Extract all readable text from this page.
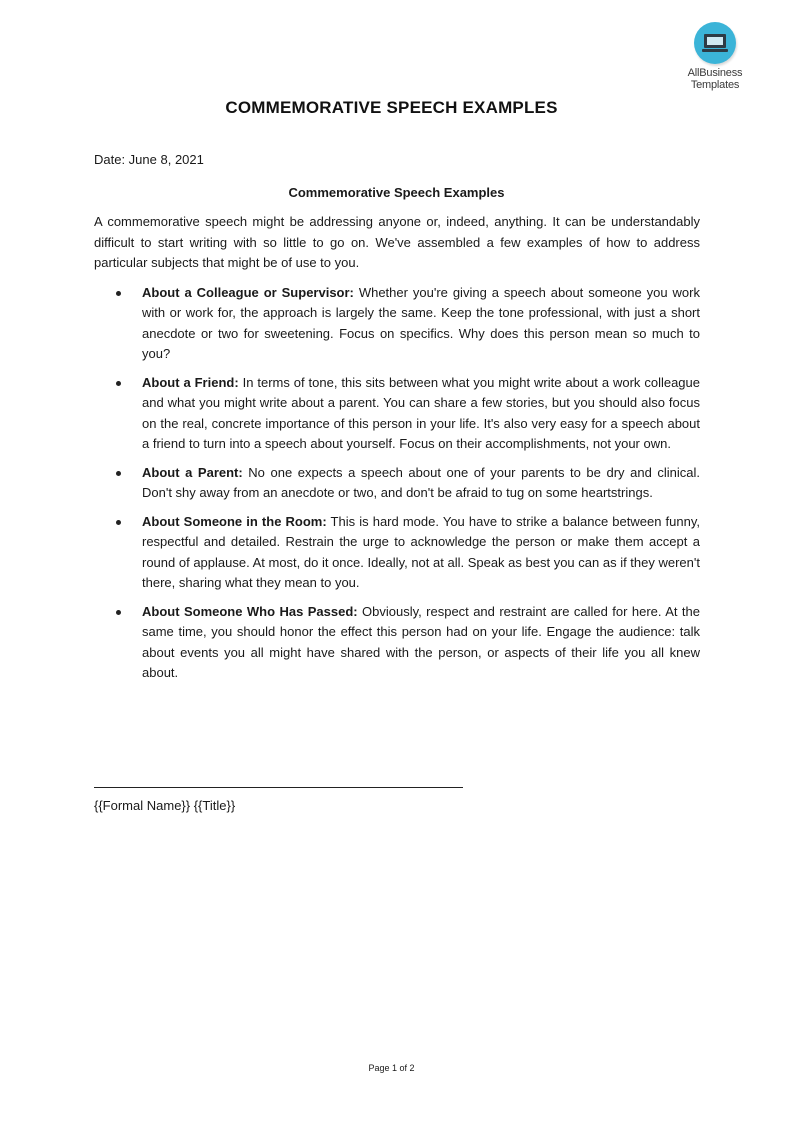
AllBusiness
Templates
COMMEMORATIVE SPEECH EXAMPLES
Date: June 8, 2021
Commemorative Speech Examples

A commemorative speech might be addressing anyone or, indeed, anything. It can be understandably difficult to start writing with so little to go on. We've assembled a few examples of how to address particular subjects that might be of use to you.

About a Colleague or Supervisor: Whether you're giving a speech about someone you work with or work for, the approach is largely the same. Keep the tone professional, with just a short anecdote or two for sweetening. Focus on specifics. Why does this person mean so much to you?
About a Friend: In terms of tone, this sits between what you might write about a work colleague and what you might write about a parent. You can share a few stories, but you should also focus on the real, concrete importance of this person in your life. It's also very easy for a speech about a friend to turn into a speech about yourself. Focus on their accomplishments, not your own.
About a Parent: No one expects a speech about one of your parents to be dry and clinical. Don't shy away from an anecdote or two, and don't be afraid to tug on some heartstrings.
About Someone in the Room: This is hard mode. You have to strike a balance between funny, respectful and detailed. Restrain the urge to acknowledge the person or make them accept a round of applause. At most, do it once. Ideally, not at all. Speak as best you can as if they weren't there, sharing what they mean to you.
About Someone Who Has Passed: Obviously, respect and restraint are called for here. At the same time, you should honor the effect this person had on your life. Engage the audience: talk about events you all might have shared with the person, or aspects of their life you all knew about.
{{Formal Name}} {{Title}}
Page 1 of 2
